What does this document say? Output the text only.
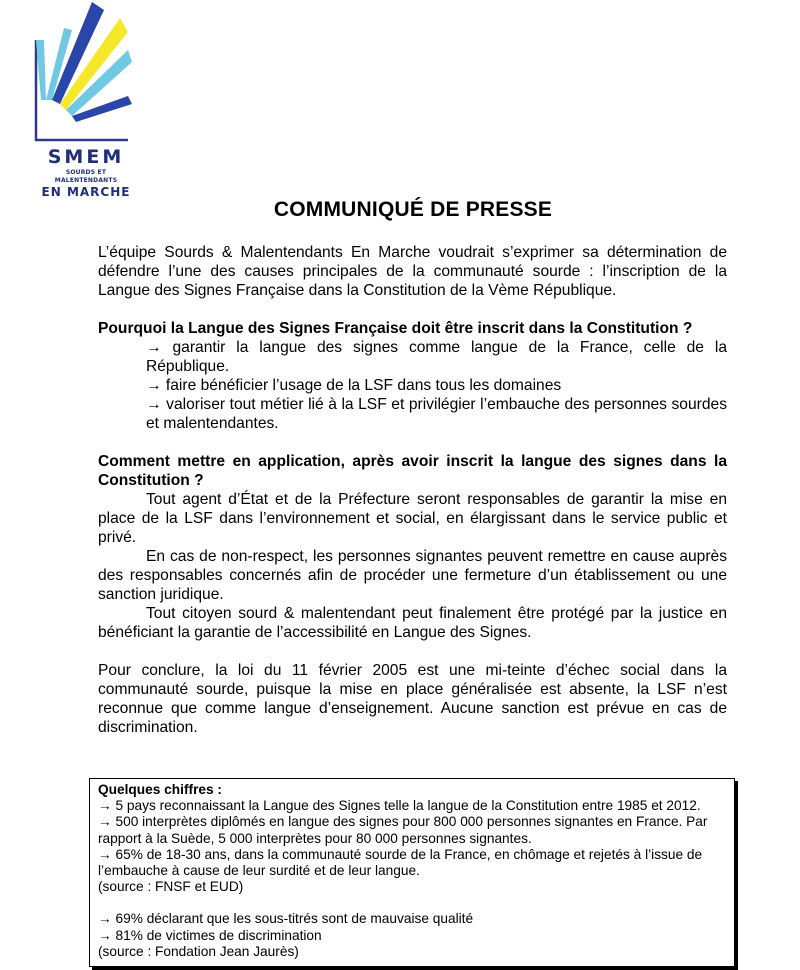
SMEM
SOURDS ET MALENTENDANTS
EN MARCHE
COMMUNIQUÉ DE PRESSE

L’équipe Sourds & Malentendants En Marche voudrait s’exprimer sa détermination de défendre l’une des causes principales de la communauté sourde : l’inscription de la Langue des Signes Française dans la Constitution de la Vème République.

Pourquoi la Langue des Signes Française doit être inscrit dans la Constitution ?

→ garantir la langue des signes comme langue de la France, celle de la République.

→ faire bénéficier l’usage de la LSF dans tous les domaines

→ valoriser tout métier lié à la LSF et privilégier l’embauche des personnes sourdes et malentendantes.

Comment mettre en application, après avoir inscrit la langue des signes dans la Constitution ?

Tout agent d’État et de la Préfecture seront responsables de garantir la mise en place de la LSF dans l’environnement et social, en élargissant dans le service public et privé.

En cas de non-respect, les personnes signantes peuvent remettre en cause auprès des responsables concernés afin de procéder une fermeture d’un établissement ou une sanction juridique.

Tout citoyen sourd & malentendant peut finalement être protégé par la justice en bénéficiant la garantie de l’accessibilité en Langue des Signes.

Pour conclure, la loi du 11 février 2005 est une mi-teinte d’échec social dans la communauté sourde, puisque la mise en place généralisée est absente, la LSF n’est reconnue que comme langue d’enseignement. Aucune sanction est prévue en cas de discrimination.

Quelques chiffres :

→ 5 pays reconnaissant la Langue des Signes telle la langue de la Constitution entre 1985 et 2012.

→ 500 interprètes diplômés en langue des signes pour 800 000 personnes signantes en France. Par rapport à la Suède, 5 000 interprètes pour 80 000 personnes signantes.

→ 65% de 18-30 ans, dans la communauté sourde de la France, en chômage et rejetés à l’issue de l’embauche à cause de leur surdité et de leur langue.

(source : FNSF et EUD)

→ 69% déclarant que les sous-titrés sont de mauvaise qualité

→ 81% de victimes de discrimination

(source : Fondation Jean Jaurès)
